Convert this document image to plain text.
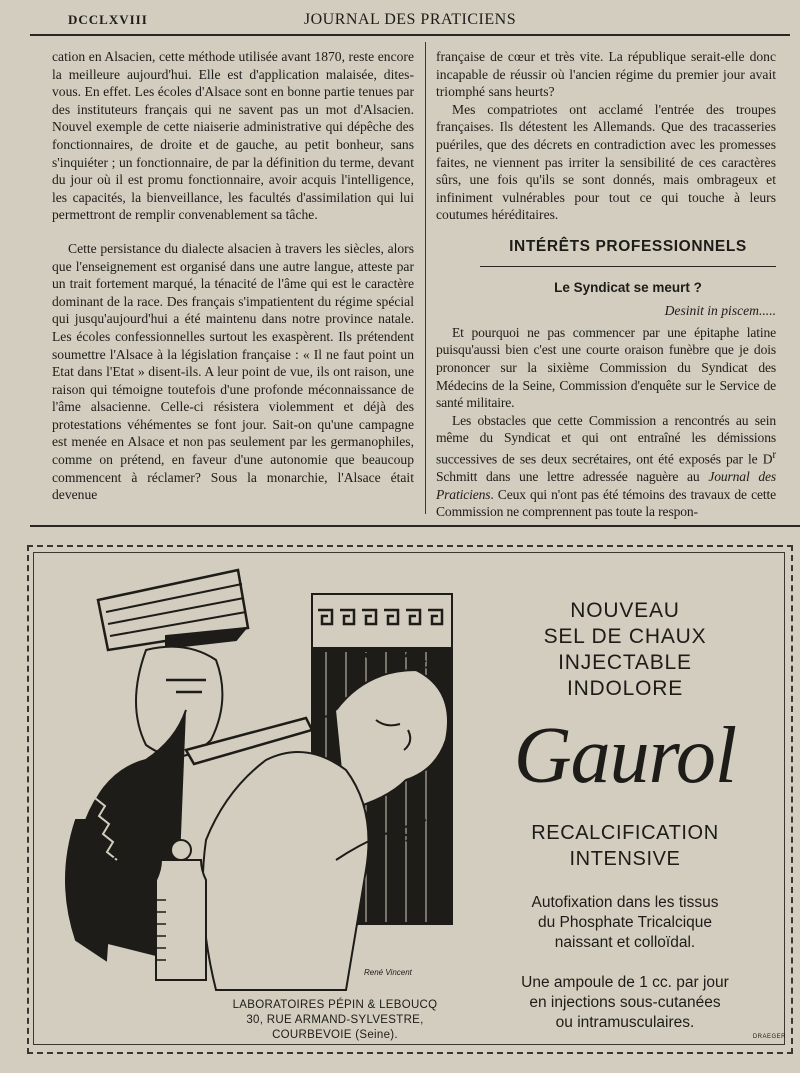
DCCLXVIII	JOURNAL DES PRATICIENS

cation en Alsacien, cette méthode utilisée avant 1870, reste encore la meilleure aujourd'hui. Elle est d'application malaisée, dites-vous. En effet. Les écoles d'Alsace sont en bonne partie tenues par des instituteurs français qui ne savent pas un mot d'Alsacien. Nouvel exemple de cette niaiserie administrative qui dépêche des fonctionnaires, de droite et de gauche, au petit bonheur, sans s'inquiéter ; un fonctionnaire, de par la définition du terme, devant du jour où il est promu fonctionnaire, avoir acquis l'intelligence, les capacités, la bienveillance, les facultés d'assimilation qui lui permettront de remplir convenablement sa tâche.

Cette persistance du dialecte alsacien à travers les siècles, alors que l'enseignement est organisé dans une autre langue, atteste par un trait fortement marqué, la ténacité de l'âme qui est le caractère dominant de la race. Des français s'impatientent du régime spécial qui jusqu'aujourd'hui a été maintenu dans notre province natale. Les écoles confessionnelles surtout les exaspèrent. Ils prétendent soumettre l'Alsace à la législation française : « Il ne faut point un Etat dans l'Etat » disent-ils. A leur point de vue, ils ont raison, une raison qui témoigne toutefois d'une profonde méconnaissance de l'âme alsacienne. Celle-ci résistera violemment et déjà des protestations véhémentes se font jour. Sait-on qu'une campagne est menée en Alsace et non pas seulement par les germanophiles, comme on prétend, en faveur d'une autonomie que beaucoup commencent à réclamer? Sous la monarchie, l'Alsace était devenue

française de cœur et très vite. La république serait-elle donc incapable de réussir où l'ancien régime du premier jour avait triomphé sans heurts?

Mes compatriotes ont acclamé l'entrée des troupes françaises. Ils détestent les Allemands. Que des tracasseries puériles, que des décrets en contradiction avec les promesses faites, ne viennent pas irriter la sensibilité de ces caractères sûrs, une fois qu'ils se sont donnés, mais ombrageux et infiniment vulnérables pour tout ce qui touche à leurs coutumes héréditaires.

INTÉRÊTS PROFESSIONNELS
Le Syndicat se meurt ?
Desinit in piscem.....

Et pourquoi ne pas commencer par une épitaphe latine puisqu'aussi bien c'est une courte oraison funèbre que je dois prononcer sur la sixième Commission du Syndicat des Médecins de la Seine, Commission d'enquête sur le Service de santé militaire.

Les obstacles que cette Commission a rencontrés au sein même du Syndicat et qui ont entraîné les démissions successives de ses deux secrétaires, ont été exposés par le $D^r$ Schmitt dans une lettre adressée naguère au Journal des Praticiens. Ceux qui n'ont pas été témoins des travaux de cette Commission ne comprennent pas toute la respon-

René Vincent
LABORATOIRES PÉPIN & LEBOUCQ
30, RUE ARMAND-SYLVESTRE,
COURBEVOIE (Seine).
NOUVEAU
SEL DE CHAUX
INJECTABLE
INDOLORE
Gaurol
RECALCIFICATION
INTENSIVE
Autofixation dans les tissus
du Phosphate Tricalcique
naissant et colloïdal.
Une ampoule de 1 cc. par jour
en injections sous-cutanées
ou intramusculaires.
DRAEGER
